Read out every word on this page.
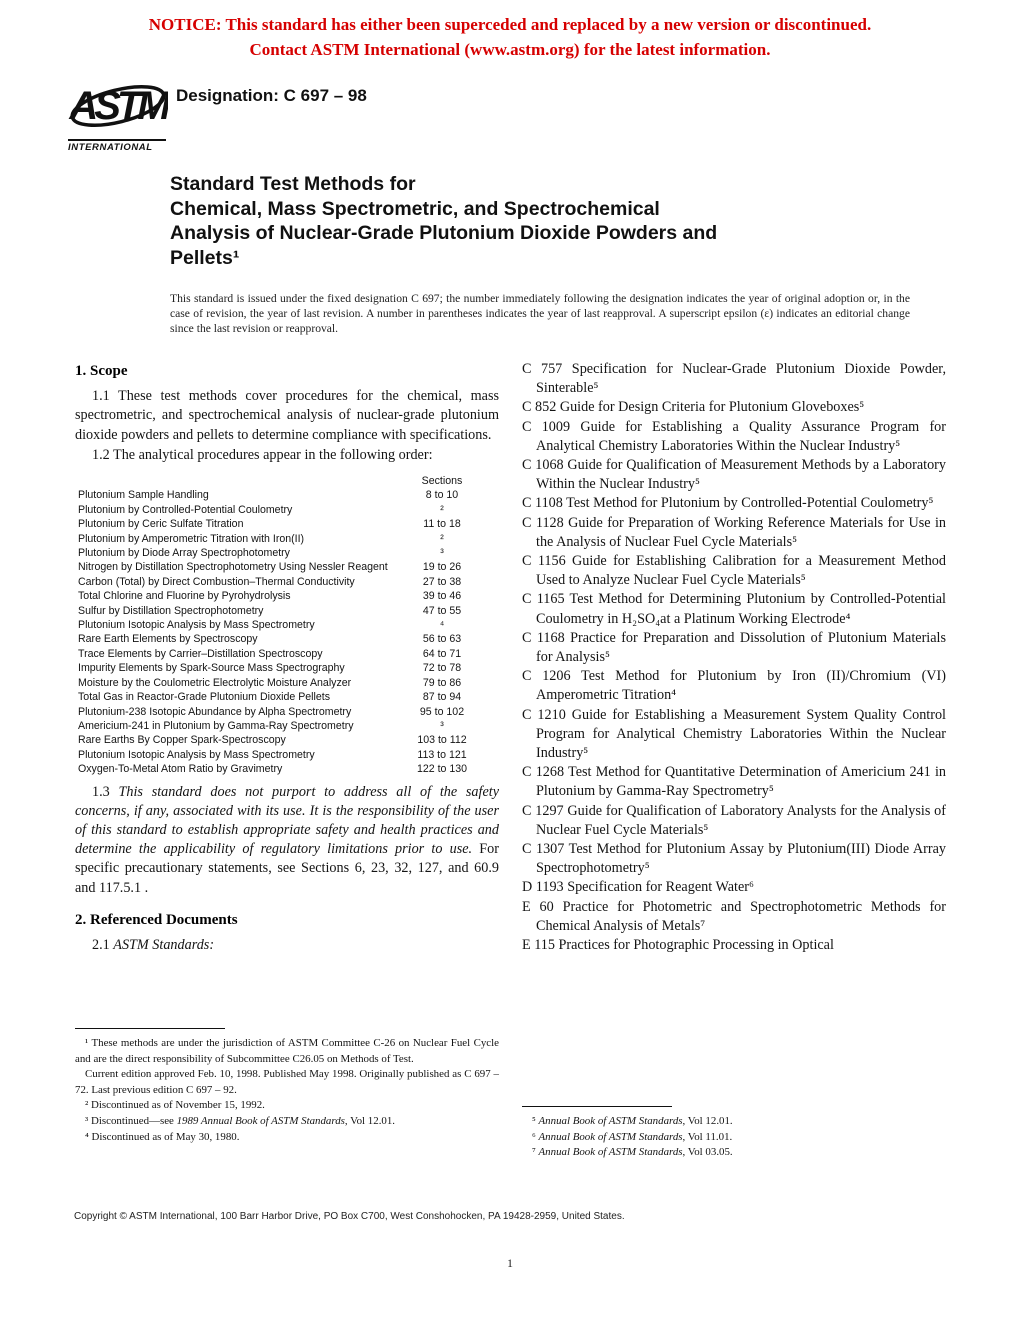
NOTICE: This standard has either been superceded and replaced by a new version or discontinued.
Contact ASTM International (www.astm.org) for the latest information.
ASTM
INTERNATIONAL
Designation: C 697 – 98
Standard Test Methods for
Chemical, Mass Spectrometric, and Spectrochemical
Analysis of Nuclear-Grade Plutonium Dioxide Powders and
Pellets¹
This standard is issued under the fixed designation C 697; the number immediately following the designation indicates the year of original adoption or, in the case of revision, the year of last revision. A number in parentheses indicates the year of last reapproval. A superscript epsilon (ε) indicates an editorial change since the last revision or reapproval.
1. Scope

1.1 These test methods cover procedures for the chemical, mass spectrometric, and spectrochemical analysis of nuclear-grade plutonium dioxide powders and pellets to determine compliance with specifications.

1.2 The analytical procedures appear in the following order:

Sections
Plutonium Sample Handling	8 to 10
Plutonium by Controlled-Potential Coulometry	²
Plutonium by Ceric Sulfate Titration	11 to 18
Plutonium by Amperometric Titration with Iron(II)	²
Plutonium by Diode Array Spectrophotometry	³
Nitrogen by Distillation Spectrophotometry Using Nessler Reagent	19 to 26
Carbon (Total) by Direct Combustion–Thermal Conductivity	27 to 38
Total Chlorine and Fluorine by Pyrohydrolysis	39 to 46
Sulfur by Distillation Spectrophotometry	47 to 55
Plutonium Isotopic Analysis by Mass Spectrometry	⁴
Rare Earth Elements by Spectroscopy	56 to 63
Trace Elements by Carrier–Distillation Spectroscopy	64 to 71
Impurity Elements by Spark-Source Mass Spectrography	72 to 78
Moisture by the Coulometric Electrolytic Moisture Analyzer	79 to 86
Total Gas in Reactor-Grade Plutonium Dioxide Pellets	87 to 94
Plutonium-238 Isotopic Abundance by Alpha Spectrometry	95 to 102
Americium-241 in Plutonium by Gamma-Ray Spectrometry	³
Rare Earths By Copper Spark-Spectroscopy	103 to 112
Plutonium Isotopic Analysis by Mass Spectrometry	113 to 121
Oxygen-To-Metal Atom Ratio by Gravimetry	122 to 130

1.3 This standard does not purport to address all of the safety concerns, if any, associated with its use. It is the responsibility of the user of this standard to establish appropriate safety and health practices and determine the applicability of regulatory limitations prior to use. For specific precautionary statements, see Sections 6, 23, 32, 127, and 60.9 and 117.5.1 .

2. Referenced Documents

2.1 ASTM Standards:

C 757 Specification for Nuclear-Grade Plutonium Dioxide Powder, Sinterable⁵

C 852 Guide for Design Criteria for Plutonium Gloveboxes⁵

C 1009 Guide for Establishing a Quality Assurance Program for Analytical Chemistry Laboratories Within the Nuclear Industry⁵

C 1068 Guide for Qualification of Measurement Methods by a Laboratory Within the Nuclear Industry⁵

C 1108 Test Method for Plutonium by Controlled-Potential Coulometry⁵

C 1128 Guide for Preparation of Working Reference Materials for Use in the Analysis of Nuclear Fuel Cycle Materials⁵

C 1156 Guide for Establishing Calibration for a Measurement Method Used to Analyze Nuclear Fuel Cycle Materials⁵

C 1165 Test Method for Determining Plutonium by Controlled-Potential Coulometry in H₂SO₄at a Platinum Working Electrode⁴

C 1168 Practice for Preparation and Dissolution of Plutonium Materials for Analysis⁵

C 1206 Test Method for Plutonium by Iron (II)/Chromium (VI) Amperometric Titration⁴

C 1210 Guide for Establishing a Measurement System Quality Control Program for Analytical Chemistry Laboratories Within the Nuclear Industry⁵

C 1268 Test Method for Quantitative Determination of Americium 241 in Plutonium by Gamma-Ray Spectrometry⁵

C 1297 Guide for Qualification of Laboratory Analysts for the Analysis of Nuclear Fuel Cycle Materials⁵

C 1307 Test Method for Plutonium Assay by Plutonium(III) Diode Array Spectrophotometry⁵

D 1193 Specification for Reagent Water⁶

E 60 Practice for Photometric and Spectrophotometric Methods for Chemical Analysis of Metals⁷

E 115 Practices for Photographic Processing in Optical

¹ These methods are under the jurisdiction of ASTM Committee C-26 on Nuclear Fuel Cycle and are the direct responsibility of Subcommittee C26.05 on Methods of Test.

Current edition approved Feb. 10, 1998. Published May 1998. Originally published as C 697 – 72. Last previous edition C 697 – 92.

² Discontinued as of November 15, 1992.

³ Discontinued—see 1989 Annual Book of ASTM Standards, Vol 12.01.

⁴ Discontinued as of May 30, 1980.

⁵ Annual Book of ASTM Standards, Vol 12.01.

⁶ Annual Book of ASTM Standards, Vol 11.01.

⁷ Annual Book of ASTM Standards, Vol 03.05.

Copyright © ASTM International, 100 Barr Harbor Drive, PO Box C700, West Conshohocken, PA 19428-2959, United States.
1
